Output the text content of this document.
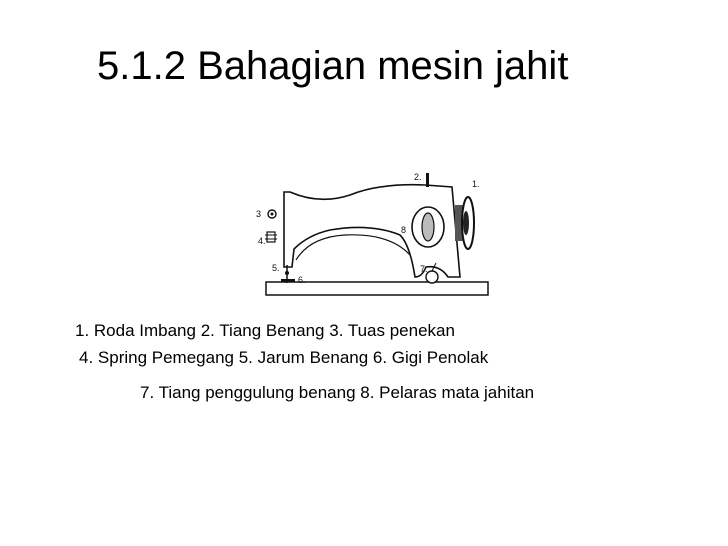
5.1.2 Bahagian mesin jahit
1.
2.
3
4.
5.
6.
7.
8
1. Roda Imbang 2. Tiang Benang 3. Tuas penekan
4. Spring Pemegang 5. Jarum Benang 6. Gigi Penolak
7. Tiang penggulung benang 8. Pelaras mata jahitan
